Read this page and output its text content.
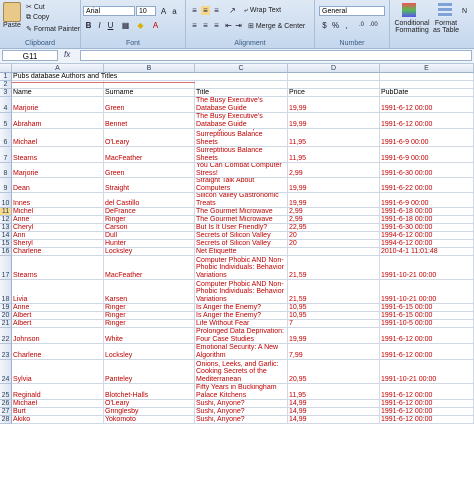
Paste
✂ Cut
⧉ Copy
✎ Format Painter
Clipboard
Arial	10	A a
B I U ▦ ◆ A
Font
≡ ≡ ≡ ↗ ⤶ Wrap Text
≡ ≡ ≡ ⇤ ⇥ ⊞ Merge & Center
Alignment
General
$ % ,	.0 .00
Number
Conditional Formatting
Format as Table
N
G11	fx
A	B	C	D	E
1 Pubs database Authors and Titles
2
3 Name	Surname	Title	Price	PubDate
4 Marjorie	Green
The Busy Executive's Database Guide	19,99	1991-6-12 00:00
5 Abraham	Bennet
The Busy Executive's Database Guide	19,99	1991-6-12 00:00
6 Michael	O'Leary
Surreptitious Balance Sheets	11,95	1991-6-9 00:00
7 Stearns	MacFeather
Surreptitious Balance Sheets	11,95	1991-6-9 00:00
8 Marjorie	Green
You Can Combat Computer Stress!	2,99	1991-6-30 00:00
9 Dean	Straight
Straight Talk About Computers	19,99	1991-6-22 00:00
10 Innes	del Castillo
Silicon Valley Gastronomic Treats	19,99	1991-6-9 00:00
11 Michel	DeFrance	The Gourmet Microwave 2,99	1991-6-18 00:00
12 Anne	Ringer	The Gourmet Microwave 2,99	1991-6-18 00:00
13 Cheryl	Carson	But Is It User Friendly?	22,95	1991-6-30 00:00
14 Ann	Dull	Secrets of Silicon Valley	20	1994-6-12 00:00
15 Sheryl	Hunter	Secrets of Silicon Valley	20	1994-6-12 00:00
16 Charlene	Locksley	Net Etiquette	2010-4-1 11:01:48
17 Stearns	MacFeather
Computer Phobic AND Non-Phobic Individuals: Behavior Variations	21,59	1991-10-21 00:00
18 Livia	Karsen
Computer Phobic AND Non-Phobic Individuals: Behavior Variations	21,59	1991-10-21 00:00
19 Anne	Ringer	Is Anger the Enemy?	10,95	1991-6-15 00:00
20 Albert	Ringer	Is Anger the Enemy?	10,95	1991-6-15 00:00
21 Albert	Ringer	Life Without Fear	7	1991-10-5 00:00
22 Johnson	White
Prolonged Data Deprivation: Four Case Studies	19,99	1991-6-12 00:00
23 Charlene	Locksley
Emotional Security: A New Algorithm	7,99	1991-6-12 00:00
24 Sylvia	Panteley
Onions, Leeks, and Garlic: Cooking Secrets of the Mediterranean	20,95	1991-10-21 00:00
25 Reginald	Blotchet-Halls
Fifty Years in Buckingham Palace Kitchens	11,95	1991-6-12 00:00
26 Michael	O'Leary	Sushi, Anyone?	14,99	1991-6-12 00:00
27 Burt	Gringlesby	Sushi, Anyone?	14,99	1991-6-12 00:00
28 Akiko	Yokomoto	Sushi, Anyone?	14,99	1991-6-12 00:00
